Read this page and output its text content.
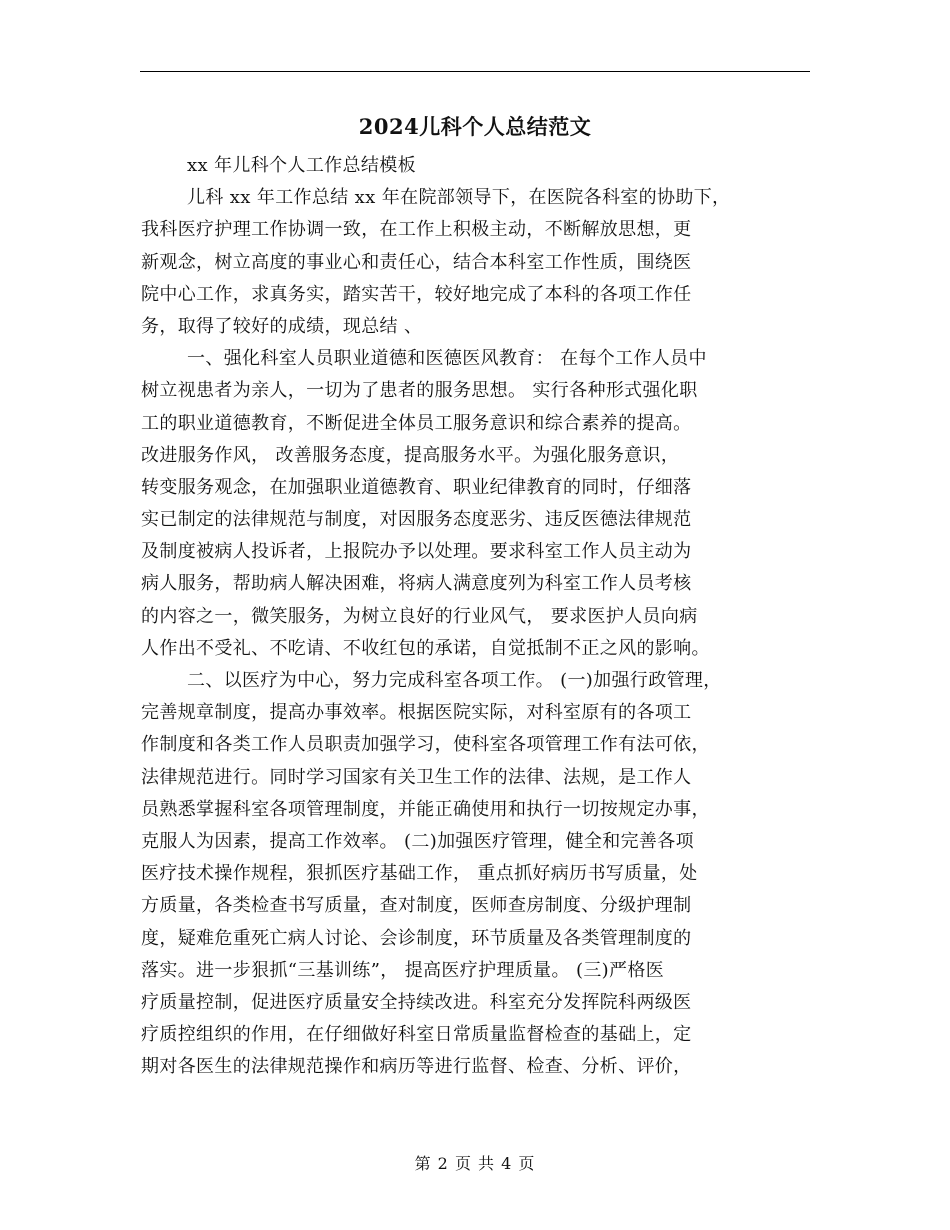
2024儿科个人总结范文
xx 年儿科个人工作总结模板
儿科 xx 年工作总结 xx 年在院部领导下，在医院各科室的协助下，
我科医疗护理工作协调一致，在工作上积极主动，不断解放思想，更
新观念，树立高度的事业心和责任心，结合本科室工作性质，围绕医
院中心工作，求真务实，踏实苦干，较好地完成了本科的各项工作任
务，取得了较好的成绩，现总结 、
一、强化科室人员职业道德和医德医风教育： 在每个工作人员中
树立视患者为亲人，一切为了患者的服务思想。 实行各种形式强化职
工的职业道德教育，不断促进全体员工服务意识和综合素养的提高。
改进服务作风， 改善服务态度，提高服务水平。为强化服务意识，
转变服务观念，在加强职业道德教育、职业纪律教育的同时，仔细落
实已制定的法律规范与制度，对因服务态度恶劣、违反医德法律规范
及制度被病人投诉者，上报院办予以处理。要求科室工作人员主动为
病人服务，帮助病人解决困难，将病人满意度列为科室工作人员考核
的内容之一，微笑服务，为树立良好的行业风气， 要求医护人员向病
人作出不受礼、不吃请、不收红包的承诺，自觉抵制不正之风的影响。
二、以医疗为中心，努力完成科室各项工作。 (一)加强行政管理，
完善规章制度，提高办事效率。根据医院实际，对科室原有的各项工
作制度和各类工作人员职责加强学习，使科室各项管理工作有法可依，
法律规范进行。同时学习国家有关卫生工作的法律、法规，是工作人
员熟悉掌握科室各项管理制度，并能正确使用和执行一切按规定办事，
克服人为因素，提高工作效率。 (二)加强医疗管理，健全和完善各项
医疗技术操作规程，狠抓医疗基础工作， 重点抓好病历书写质量，处
方质量，各类检查书写质量，查对制度，医师查房制度、分级护理制
度，疑难危重死亡病人讨论、会诊制度，环节质量及各类管理制度的
落实。进一步狠抓“三基训练”， 提高医疗护理质量。 (三)严格医
疗质量控制，促进医疗质量安全持续改进。科室充分发挥院科两级医
疗质控组织的作用，在仔细做好科室日常质量监督检查的基础上，定
期对各医生的法律规范操作和病历等进行监督、检查、分析、评价，
第 2 页 共 4 页
